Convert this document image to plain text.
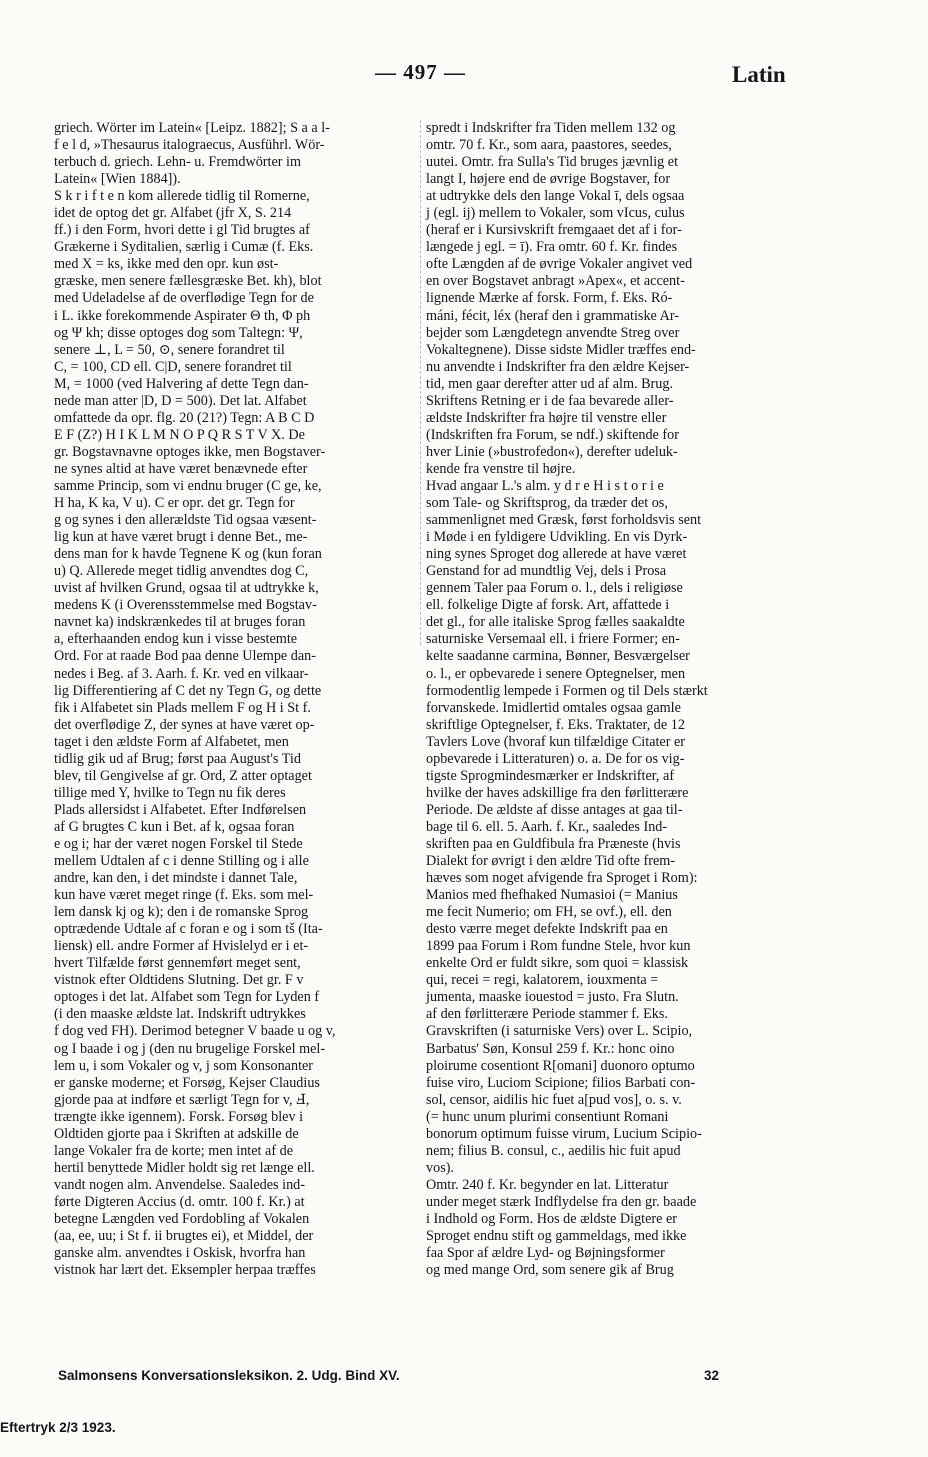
— 497 —	Latin
griech. Wörter im Latein« [Leipz. 1882]; S a a l-
f e l d, »Thesaurus italograecus, Ausführl. Wör-
terbuch d. griech. Lehn- u. Fremdwörter im
Latein« [Wien 1884]).
S k r i f t e n kom allerede tidlig til Romerne,
idet de optog det gr. Alfabet (jfr X, S. 214
ff.) i den Form, hvori dette i gl Tid brugtes af
Grækerne i Syditalien, særlig i Cumæ (f. Eks.
med X = ks, ikke med den opr. kun øst-
græske, men senere fællesgræske Bet. kh), blot
med Udeladelse af de overflødige Tegn for de
i L. ikke forekommende Aspirater Θ th, Φ ph
og Ψ kh; disse optoges dog som Taltegn: Ψ,
senere ⊥, L = 50, ⊙, senere forandret til
C, = 100, CD ell. C|D, senere forandret til
M, = 1000 (ved Halvering af dette Tegn dan-
nede man atter |D, D = 500). Det lat. Alfabet
omfattede da opr. flg. 20 (21?) Tegn: A B C D
E F (Z?) H I K L M N O P Q R S T V X. De
gr. Bogstavnavne optoges ikke, men Bogstaver-
ne synes altid at have været benævnede efter
samme Princip, som vi endnu bruger (C ge, ke,
H ha, K ka, V u). C er opr. det gr. Tegn for
g og synes i den allerældste Tid ogsaa væsent-
lig kun at have været brugt i denne Bet., me-
dens man for k havde Tegnene K og (kun foran
u) Q. Allerede meget tidlig anvendtes dog C,
uvist af hvilken Grund, ogsaa til at udtrykke k,
medens K (i Overensstemmelse med Bogstav-
navnet ka) indskrænkedes til at bruges foran
a, efterhaanden endog kun i visse bestemte
Ord. For at raade Bod paa denne Ulempe dan-
nedes i Beg. af 3. Aarh. f. Kr. ved en vilkaar-
lig Differentiering af C det ny Tegn G, og dette
fik i Alfabetet sin Plads mellem F og H i St f.
det overflødige Z, der synes at have været op-
taget i den ældste Form af Alfabetet, men
tidlig gik ud af Brug; først paa August's Tid
blev, til Gengivelse af gr. Ord, Z atter optaget
tillige med Y, hvilke to Tegn nu fik deres
Plads allersidst i Alfabetet. Efter Indførelsen
af G brugtes C kun i Bet. af k, ogsaa foran
e og i; har der været nogen Forskel til Stede
mellem Udtalen af c i denne Stilling og i alle
andre, kan den, i det mindste i dannet Tale,
kun have været meget ringe (f. Eks. som mel-
lem dansk kj og k); den i de romanske Sprog
optrædende Udtale af c foran e og i som tš (Ita-
liensk) ell. andre Former af Hvislelyd er i et-
hvert Tilfælde først gennemført meget sent,
vistnok efter Oldtidens Slutning. Det gr. F v
optoges i det lat. Alfabet som Tegn for Lyden f
(i den maaske ældste lat. Indskrift udtrykkes
f dog ved FH). Derimod betegner V baade u og v,
og I baade i og j (den nu brugelige Forskel mel-
lem u, i som Vokaler og v, j som Konsonanter
er ganske moderne; et Forsøg, Kejser Claudius
gjorde paa at indføre et særligt Tegn for v, Ⅎ,
trængte ikke igennem). Forsk. Forsøg blev i
Oldtiden gjorte paa i Skriften at adskille de
lange Vokaler fra de korte; men intet af de
hertil benyttede Midler holdt sig ret længe ell.
vandt nogen alm. Anvendelse. Saaledes ind-
førte Digteren Accius (d. omtr. 100 f. Kr.) at
betegne Længden ved Fordobling af Vokalen
(aa, ee, uu; i St f. ii brugtes ei), et Middel, der
ganske alm. anvendtes i Oskisk, hvorfra han
vistnok har lært det. Eksempler herpaa træffes
spredt i Indskrifter fra Tiden mellem 132 og
omtr. 70 f. Kr., som aara, paastores, seedes,
uutei. Omtr. fra Sulla's Tid bruges jævnlig et
langt I, højere end de øvrige Bogstaver, for
at udtrykke dels den lange Vokal ī, dels ogsaa
j (egl. ij) mellem to Vokaler, som vIcus, culus
(heraf er i Kursivskrift fremgaaet det af i for-
længede j egl. = ī). Fra omtr. 60 f. Kr. findes
ofte Længden af de øvrige Vokaler angivet ved
en over Bogstavet anbragt »Apex«, et accent-
lignende Mærke af forsk. Form, f. Eks. Ró-
máni, fécit, léx (heraf den i grammatiske Ar-
bejder som Længdetegn anvendte Streg over
Vokaltegnene). Disse sidste Midler træffes end-
nu anvendte i Indskrifter fra den ældre Kejser-
tid, men gaar derefter atter ud af alm. Brug.
Skriftens Retning er i de faa bevarede aller-
ældste Indskrifter fra højre til venstre eller
(Indskriften fra Forum, se ndf.) skiftende for
hver Linie (»bustrofedon«), derefter udeluk-
kende fra venstre til højre.
Hvad angaar L.'s alm. y d r e H i s t o r i e
som Tale- og Skriftsprog, da træder det os,
sammenlignet med Græsk, først forholdsvis sent
i Møde i en fyldigere Udvikling. En vis Dyrk-
ning synes Sproget dog allerede at have været
Genstand for ad mundtlig Vej, dels i Prosa
gennem Taler paa Forum o. l., dels i religiøse
ell. folkelige Digte af forsk. Art, affattede i
det gl., for alle italiske Sprog fælles saakaldte
saturniske Versemaal ell. i friere Former; en-
kelte saadanne carmina, Bønner, Besværgelser
o. l., er opbevarede i senere Optegnelser, men
formodentlig lempede i Formen og til Dels stærkt
forvanskede. Imidlertid omtales ogsaa gamle
skriftlige Optegnelser, f. Eks. Traktater, de 12
Tavlers Love (hvoraf kun tilfældige Citater er
opbevarede i Litteraturen) o. a. De for os vig-
tigste Sprogmindesmærker er Indskrifter, af
hvilke der haves adskillige fra den førlitterære
Periode. De ældste af disse antages at gaa til-
bage til 6. ell. 5. Aarh. f. Kr., saaledes Ind-
skriften paa en Guldfibula fra Præneste (hvis
Dialekt for øvrigt i den ældre Tid ofte frem-
hæves som noget afvigende fra Sproget i Rom):
Manios med fhefhaked Numasioi (= Manius
me fecit Numerio; om FH, se ovf.), ell. den
desto værre meget defekte Indskrift paa en
1899 paa Forum i Rom fundne Stele, hvor kun
enkelte Ord er fuldt sikre, som quoi = klassisk
qui, recei = regi, kalatorem, iouxmenta =
jumenta, maaske iouestod = justo. Fra Slutn.
af den førlitterære Periode stammer f. Eks.
Gravskriften (i saturniske Vers) over L. Scipio,
Barbatus' Søn, Konsul 259 f. Kr.: honc oino
ploirume cosentiont R[omani] duonoro optumo
fuise viro, Luciom Scipione; filios Barbati con-
sol, censor, aidilis hic fuet a[pud vos], o. s. v.
(= hunc unum plurimi consentiunt Romani
bonorum optimum fuisse virum, Lucium Scipio-
nem; filius B. consul, c., aedilis hic fuit apud
vos).
Omtr. 240 f. Kr. begynder en lat. Litteratur
under meget stærk Indflydelse fra den gr. baade
i Indhold og Form. Hos de ældste Digtere er
Sproget endnu stift og gammeldags, med ikke
faa Spor af ældre Lyd- og Bøjningsformer
og med mange Ord, som senere gik af Brug
Salmonsens Konversationsleksikon. 2. Udg. Bind XV.	32
Eftertryk 2/3 1923.
